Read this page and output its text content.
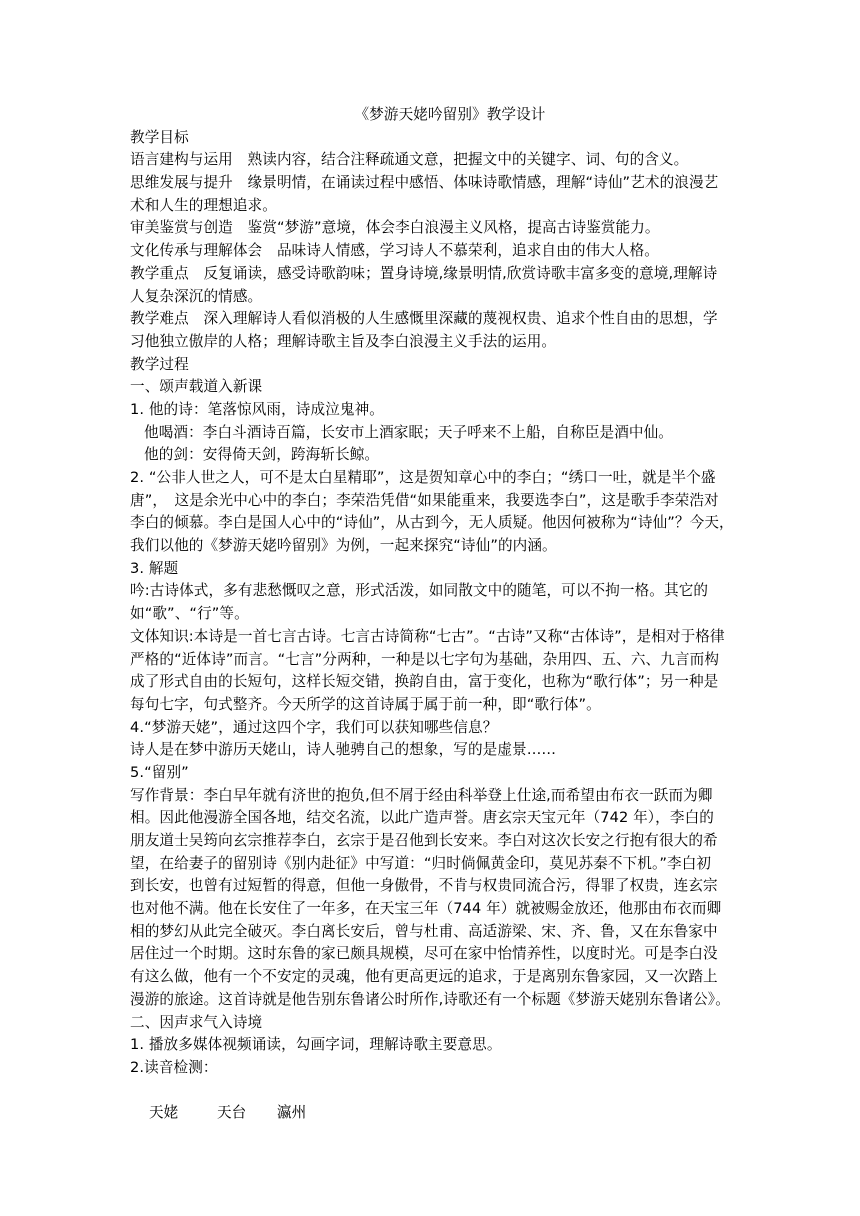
《梦游天姥吟留别》教学设计
教学目标
语言建构与运用　熟读内容，结合注释疏通文意，把握文中的关键字、词、句的含义。
思维发展与提升　缘景明情，在诵读过程中感悟、体味诗歌情感，理解“诗仙”艺术的浪漫艺
术和人生的理想追求。
审美鉴赏与创造　鉴赏“梦游”意境，体会李白浪漫主义风格，提高古诗鉴赏能力。
文化传承与理解体会　品味诗人情感，学习诗人不慕荣利，追求自由的伟大人格。
教学重点　反复诵读，感受诗歌韵味；置身诗境,缘景明情,欣赏诗歌丰富多变的意境,理解诗
人复杂深沉的情感。
教学难点　深入理解诗人看似消极的人生感慨里深藏的蔑视权贵、追求个性自由的思想，学
习他独立傲岸的人格；理解诗歌主旨及李白浪漫主义手法的运用。
教学过程
一、颂声载道入新课
1. 他的诗：笔落惊风雨，诗成泣鬼神。
他喝酒：李白斗酒诗百篇，长安市上酒家眠；天子呼来不上船，自称臣是酒中仙。
他的剑：安得倚天剑，跨海斩长鲸。
2. “公非人世之人，可不是太白星精耶”，这是贺知章心中的李白；“绣口一吐，就是半个盛
唐”，　这是余光中心中的李白；李荣浩凭借“如果能重来，我要选李白”，这是歌手李荣浩对
李白的倾慕。李白是国人心中的“诗仙”，从古到今，无人质疑。他因何被称为“诗仙”？今天，
我们以他的《梦游天姥吟留别》为例，一起来探究“诗仙”的内涵。
3. 解题
吟:古诗体式，多有悲愁慨叹之意，形式活泼，如同散文中的随笔，可以不拘一格。其它的
如“歌”、“行”等。
文体知识:本诗是一首七言古诗。七言古诗简称“七古”。“古诗”又称“古体诗”，是相对于格律
严格的“近体诗”而言。“七言”分两种，一种是以七字句为基础，杂用四、五、六、九言而构
成了形式自由的长短句，这样长短交错，换韵自由，富于变化，也称为“歌行体”；另一种是
每句七字，句式整齐。今天所学的这首诗属于属于前一种，即“歌行体”。
4.“梦游天姥”，通过这四个字，我们可以获知哪些信息？
诗人是在梦中游历天姥山，诗人驰骋自己的想象，写的是虚景……
5.“留别”
写作背景：李白早年就有济世的抱负,但不屑于经由科举登上仕途,而希望由布衣一跃而为卿
相。因此他漫游全国各地，结交名流，以此广造声誉。唐玄宗天宝元年（742 年），李白的
朋友道士吴筠向玄宗推荐李白，玄宗于是召他到长安来。李白对这次长安之行抱有很大的希
望，在给妻子的留别诗《别内赴征》中写道：“归时倘佩黄金印，莫见苏秦不下机。”李白初
到长安，也曾有过短暂的得意，但他一身傲骨，不肯与权贵同流合污，得罪了权贵，连玄宗
也对他不满。他在长安住了一年多，在天宝三年（744 年）就被赐金放还，他那由布衣而卿
相的梦幻从此完全破灭。李白离长安后，曾与杜甫、高适游梁、宋、齐、鲁，又在东鲁家中
居住过一个时期。这时东鲁的家已颇具规模，尽可在家中怡情养性，以度时光。可是李白没
有这么做，他有一个不安定的灵魂，他有更高更远的追求，于是离别东鲁家园，又一次踏上
漫游的旅途。这首诗就是他告别东鲁诸公时所作,诗歌还有一个标题《梦游天姥别东鲁诸公》。
二、因声求气入诗境
1. 播放多媒体视频诵读，勾画字词，理解诗歌主要意思。
2.读音检测：

天姥	天台 瀛州
